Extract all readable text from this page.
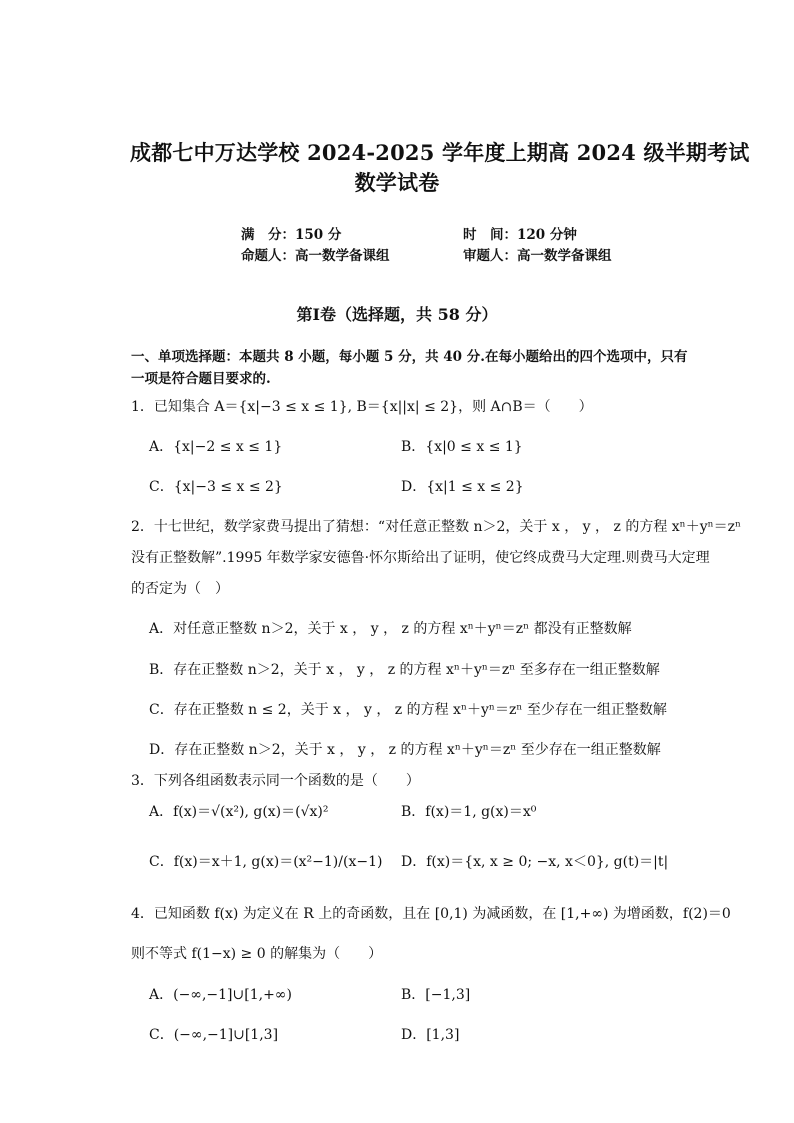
成都七中万达学校 2024-2025 学年度上期高 2024 级半期考试
数学试卷
满　分：150 分	时　间：120 分钟
命题人：高一数学备课组	审题人：高一数学备课组
第Ⅰ卷（选择题，共 58 分）
一、单项选择题：本题共 8 小题，每小题 5 分，共 40 分.在每小题给出的四个选项中，只有
一项是符合题目要求的.
1．已知集合 A＝{x|−3 ≤ x ≤ 1}, B＝{x||x| ≤ 2}，则 A∩B＝（　　）
A．{x|−2 ≤ x ≤ 1}	B．{x|0 ≤ x ≤ 1}
C．{x|−3 ≤ x ≤ 2}	D．{x|1 ≤ x ≤ 2}
2．十七世纪，数学家费马提出了猜想：“对任意正整数 n＞2，关于 x ， y ， z 的方程 xⁿ＋yⁿ＝zⁿ
没有正整数解”.1995 年数学家安德鲁·怀尔斯给出了证明，使它终成费马大定理.则费马大定理
的否定为（　）
A．对任意正整数 n＞2，关于 x ， y ， z 的方程 xⁿ＋yⁿ＝zⁿ 都没有正整数解
B．存在正整数 n＞2，关于 x ， y ， z 的方程 xⁿ＋yⁿ＝zⁿ 至多存在一组正整数解
C．存在正整数 n ≤ 2，关于 x ， y ， z 的方程 xⁿ＋yⁿ＝zⁿ 至少存在一组正整数解
D．存在正整数 n＞2，关于 x ， y ， z 的方程 xⁿ＋yⁿ＝zⁿ 至少存在一组正整数解
3．下列各组函数表示同一个函数的是（　　）
A．f(x)＝√(x²), g(x)＝(√x)²	B．f(x)＝1, g(x)＝x⁰
C．f(x)＝x＋1, g(x)＝(x²−1)/(x−1) D．f(x)＝{x, x ≥ 0; −x, x＜0}, g(t)＝|t|
4．已知函数 f(x) 为定义在 R 上的奇函数，且在 [0,1) 为减函数，在 [1,+∞) 为增函数，f(2)＝0
则不等式 f(1−x) ≥ 0 的解集为（　　）
A．(−∞,−1]∪[1,+∞)	B．[−1,3]
C．(−∞,−1]∪[1,3]	D．[1,3]
